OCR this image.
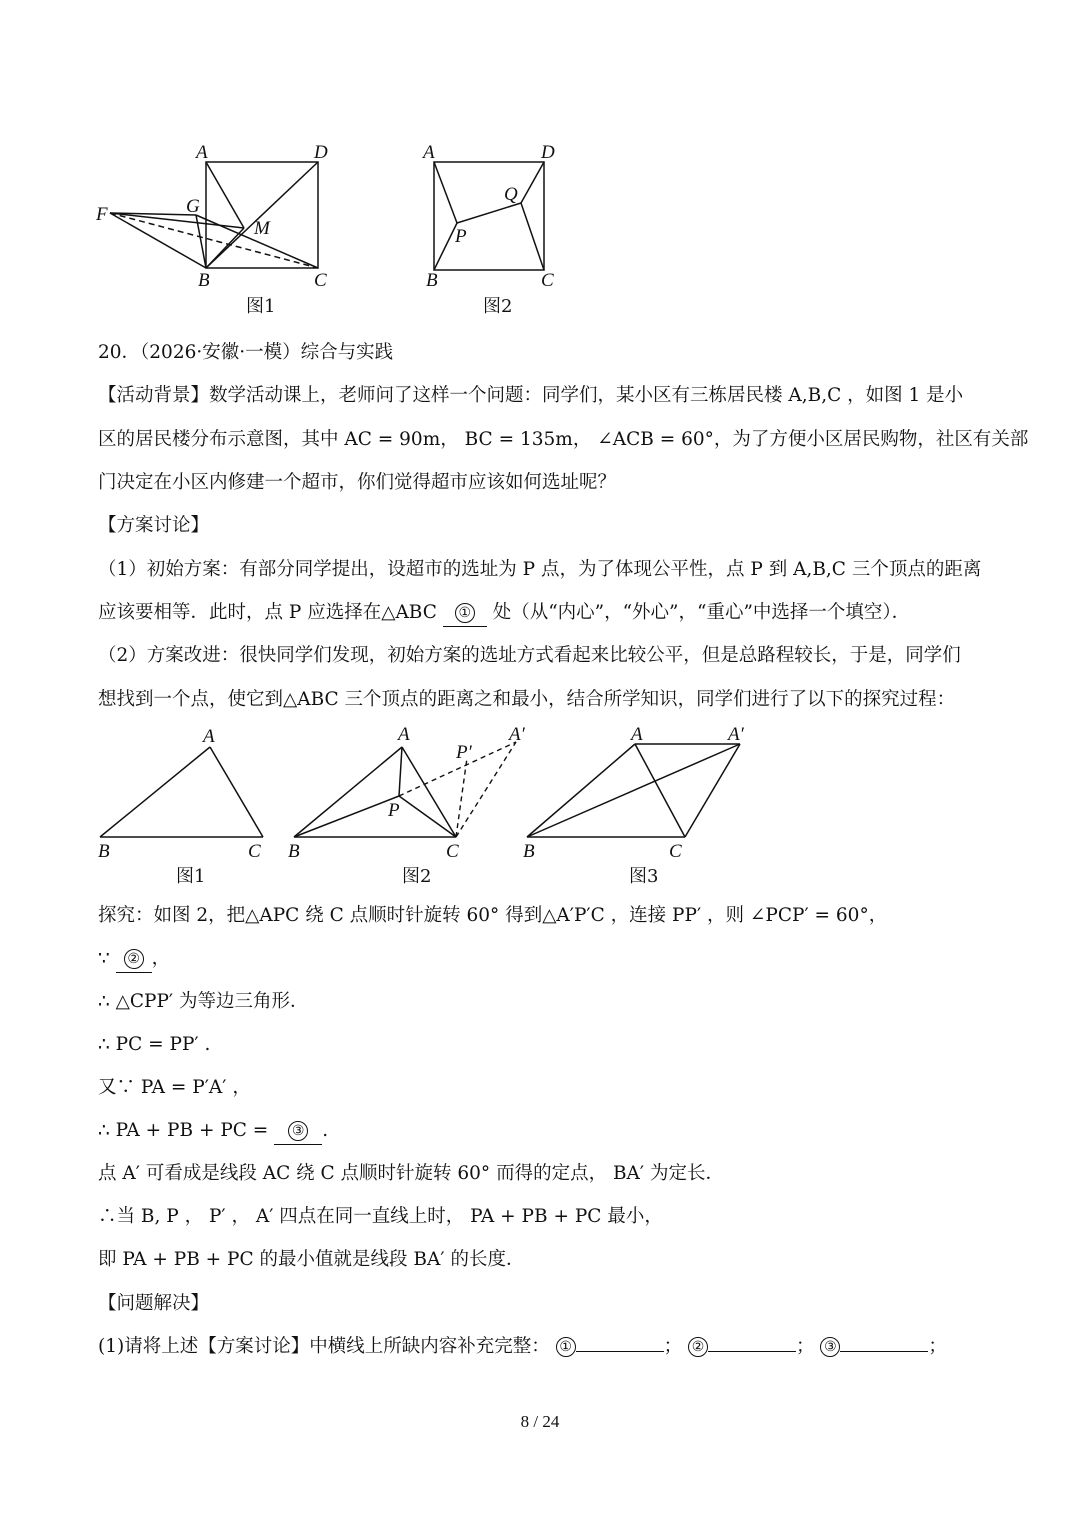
A	D
G
F
M
B	C
图1
A	D
Q
P
B	C
图2
20．（2026·安徽·一模）综合与实践
【活动背景】数学活动课上，老师问了这样一个问题：同学们，某小区有三栋居民楼 A,B,C ，如图 1 是小
区的居民楼分布示意图，其中 AC = 90m， BC = 135m， ∠ACB = 60°，为了方便小区居民购物，社区有关部
门决定在小区内修建一个超市，你们觉得超市应该如何选址呢？
【方案讨论】
（1）初始方案：有部分同学提出，设超市的选址为 P 点，为了体现公平性，点 P 到 A,B,C 三个顶点的距离
应该要相等．此时，点 P 应选择在△ABC ① 处（从“内心”，“外心”，“重心”中选择一个填空）．
（2）方案改进：很快同学们发现，初始方案的选址方式看起来比较公平，但是总路程较长，于是，同学们
想找到一个点，使它到△ABC 三个顶点的距离之和最小，结合所学知识，同学们进行了以下的探究过程：
A
B	C
图1
A
P′
A′
P
B	C
图2
A	A′
B	C
图3
探究：如图 2，把△APC 绕 C 点顺时针旋转 60° 得到△A′P′C ，连接 PP′ ，则 ∠PCP′ = 60°，
∵ ② ，
∴ △CPP′ 为等边三角形．
∴ PC = PP′ .
又∵ PA = P′A′ ，
∴ PA + PB + PC = ③ .
点 A′ 可看成是线段 AC 绕 C 点顺时针旋转 60° 而得的定点， BA′ 为定长．
∴当 B, P ， P′ ， A′ 四点在同一直线上时， PA + PB + PC 最小，
即 PA + PB + PC 的最小值就是线段 BA′ 的长度．
【问题解决】
(1)请将上述【方案讨论】中横线上所缺内容补充完整： ①	； ②	； ③	；
8 / 24
